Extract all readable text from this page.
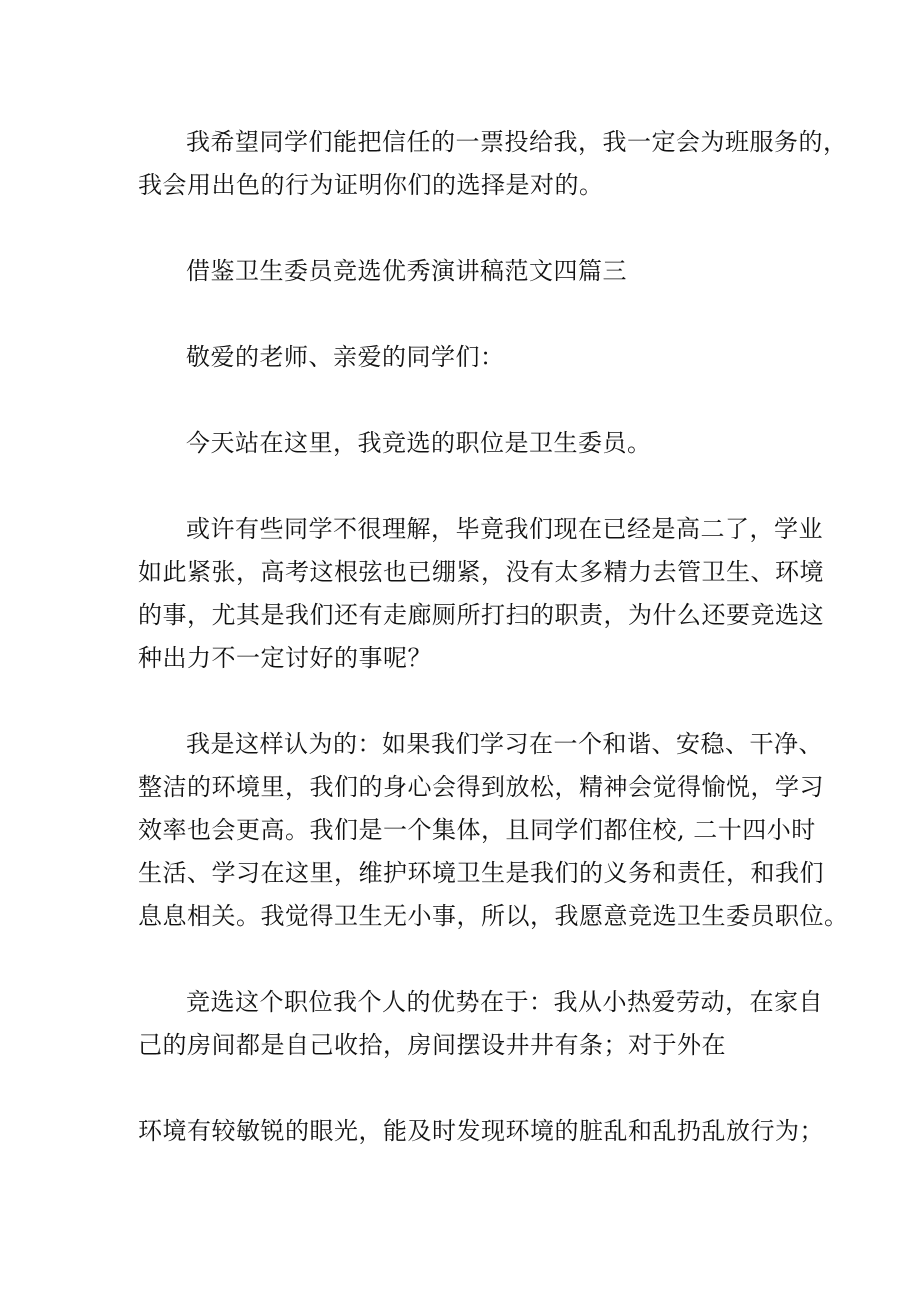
我希望同学们能把信任的一票投给我，我一定会为班服务的，
我会用出色的行为证明你们的选择是对的。
借鉴卫生委员竞选优秀演讲稿范文四篇三
敬爱的老师、亲爱的同学们：
今天站在这里，我竞选的职位是卫生委员。
或许有些同学不很理解，毕竟我们现在已经是高二了，学业
如此紧张，高考这根弦也已绷紧，没有太多精力去管卫生、环境
的事，尤其是我们还有走廊厕所打扫的职责，为什么还要竞选这
种出力不一定讨好的事呢？
我是这样认为的：如果我们学习在一个和谐、安稳、干净、
整洁的环境里，我们的身心会得到放松，精神会觉得愉悦，学习
效率也会更高。我们是一个集体，且同学们都住校, 二十四小时
生活、学习在这里，维护环境卫生是我们的义务和责任，和我们
息息相关。我觉得卫生无小事，所以，我愿意竞选卫生委员职位。
竞选这个职位我个人的优势在于：我从小热爱劳动，在家自
己的房间都是自己收拾，房间摆设井井有条；对于外在
环境有较敏锐的眼光，能及时发现环境的脏乱和乱扔乱放行为；
